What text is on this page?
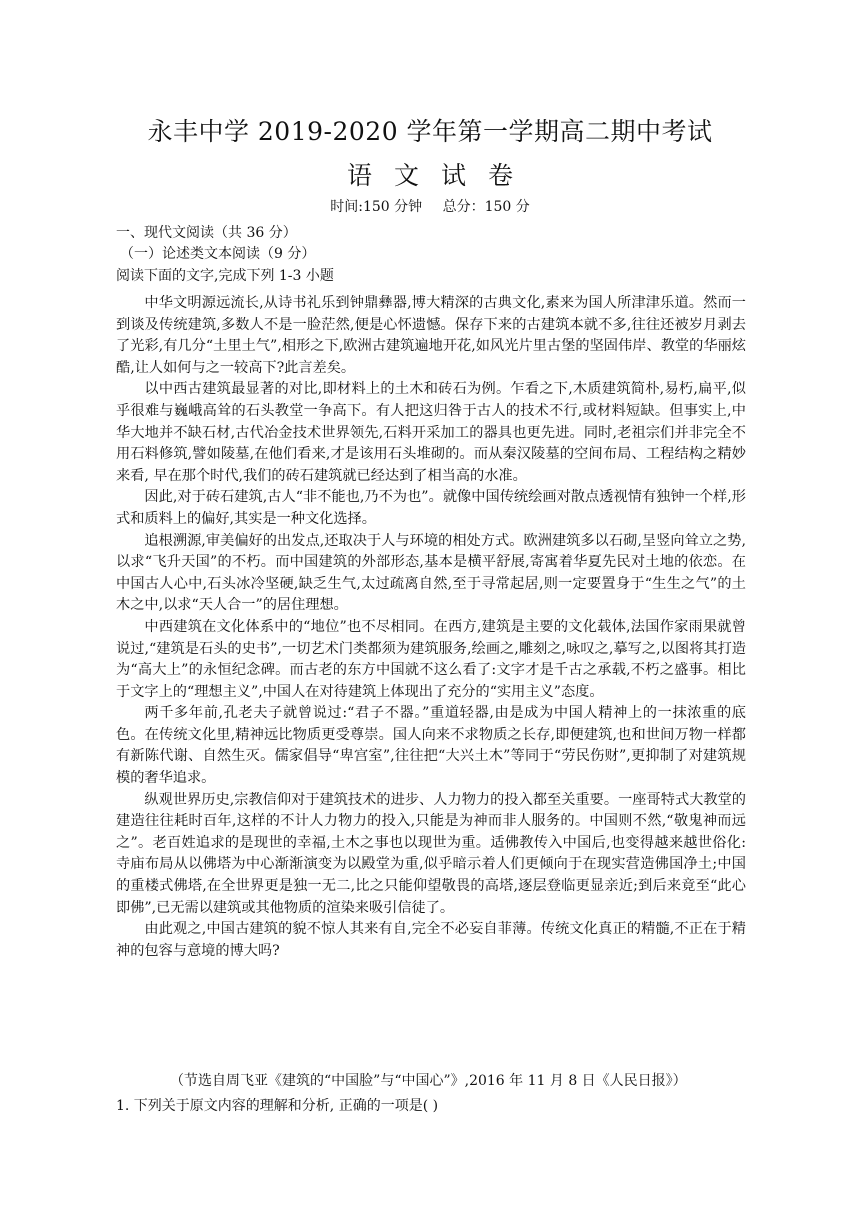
永丰中学 2019-2020 学年第一学期高二期中考试
语文试卷
时间:150 分钟 总分：150 分
一、现代文阅读（共 36 分）
（一）论述类文本阅读（9 分）
阅读下面的文字,完成下列 1-3 小题

中华文明源远流长,从诗书礼乐到钟鼎彝器,博大精深的古典文化,素来为国人所津津乐道。然而一到谈及传统建筑,多数人不是一脸茫然,便是心怀遗憾。保存下来的古建筑本就不多,往往还被岁月剥去了光彩,有几分“土里土气”,相形之下,欧洲古建筑遍地开花,如风光片里古堡的坚固伟岸、教堂的华丽炫酷,让人如何与之一较高下?此言差矣。

以中西古建筑最显著的对比,即材料上的土木和砖石为例。乍看之下,木质建筑简朴,易朽,扁平,似乎很难与巍峨高耸的石头教堂一争高下。有人把这归咎于古人的技术不行,或材料短缺。但事实上,中华大地并不缺石材,古代冶金技术世界领先,石料开采加工的器具也更先进。同时,老祖宗们并非完全不用石料修筑,譬如陵墓,在他们看来,才是该用石头堆砌的。而从秦汉陵墓的空间布局、工程结构之精妙来看, 早在那个时代,我们的砖石建筑就已经达到了相当高的水准。

因此,对于砖石建筑,古人“非不能也,乃不为也”。就像中国传统绘画对散点透视情有独钟一个样,形式和质料上的偏好,其实是一种文化选择。

追根溯源,审美偏好的出发点,还取决于人与环境的相处方式。欧洲建筑多以石砌,呈竖向耸立之势,以求“飞升天国”的不朽。而中国建筑的外部形态,基本是横平舒展,寄寓着华夏先民对土地的依恋。在中国古人心中,石头冰冷坚硬,缺乏生气,太过疏离自然,至于寻常起居,则一定要置身于“生生之气”的土木之中,以求“天人合一”的居住理想。

中西建筑在文化体系中的“地位”也不尽相同。在西方,建筑是主要的文化载体,法国作家雨果就曾说过,“建筑是石头的史书”,一切艺术门类都须为建筑服务,绘画之,雕刻之,咏叹之,摹写之,以图将其打造为“高大上”的永恒纪念碑。而古老的东方中国就不这么看了:文字才是千古之承载,不朽之盛事。相比于文字上的“理想主义”,中国人在对待建筑上体现出了充分的“实用主义”态度。

两千多年前,孔老夫子就曾说过:“君子不器。”重道轻器,由是成为中国人精神上的一抹浓重的底色。在传统文化里,精神远比物质更受尊崇。国人向来不求物质之长存,即便建筑,也和世间万物一样都有新陈代谢、自然生灭。儒家倡导“卑宫室”,往往把“大兴土木”等同于“劳民伤财”,更抑制了对建筑规模的奢华追求。

纵观世界历史,宗教信仰对于建筑技术的进步、人力物力的投入都至关重要。一座哥特式大教堂的建造往往耗时百年,这样的不计人力物力的投入,只能是为神而非人服务的。中国则不然,“敬鬼神而远之”。老百姓追求的是现世的幸福,土木之事也以现世为重。适佛教传入中国后,也变得越来越世俗化:寺庙布局从以佛塔为中心渐渐演变为以殿堂为重,似乎暗示着人们更倾向于在现实营造佛国净土;中国的重楼式佛塔,在全世界更是独一无二,比之只能仰望敬畏的高塔,逐层登临更显亲近;到后来竟至“此心即佛”,已无需以建筑或其他物质的渲染来吸引信徒了。

由此观之,中国古建筑的貌不惊人其来有自,完全不必妄自菲薄。传统文化真正的精髓,不正在于精神的包容与意境的博大吗?

（节选自周飞亚《建筑的“中国脸”与“中国心”》,2016 年 11 月 8 日《人民日报》）
1. 下列关于原文内容的理解和分析, 正确的一项是( )
